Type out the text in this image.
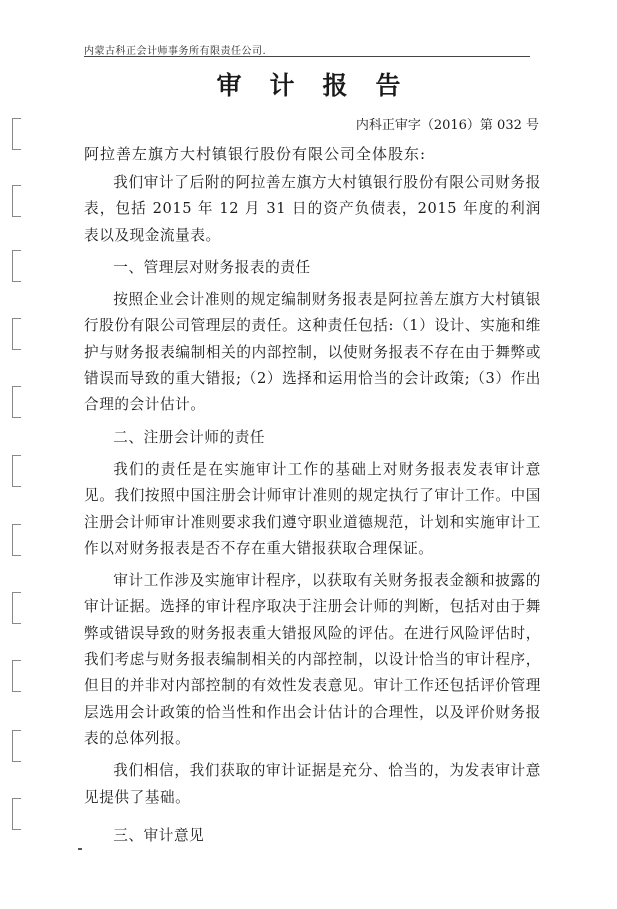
内蒙古科正会计师事务所有限责任公司.
审计报告
内科正审字（2016）第 032 号
阿拉善左旗方大村镇银行股份有限公司全体股东:

我们审计了后附的阿拉善左旗方大村镇银行股份有限公司财务报表，包括 2015 年 12 月 31 日的资产负债表，2015 年度的利润表以及现金流量表。

一、管理层对财务报表的责任

按照企业会计准则的规定编制财务报表是阿拉善左旗方大村镇银行股份有限公司管理层的责任。这种责任包括:（1）设计、实施和维护与财务报表编制相关的内部控制，以使财务报表不存在由于舞弊或错误而导致的重大错报;（2）选择和运用恰当的会计政策;（3）作出合理的会计估计。

二、注册会计师的责任

我们的责任是在实施审计工作的基础上对财务报表发表审计意见。我们按照中国注册会计师审计准则的规定执行了审计工作。中国注册会计师审计准则要求我们遵守职业道德规范，计划和实施审计工作以对财务报表是否不存在重大错报获取合理保证。

审计工作涉及实施审计程序，以获取有关财务报表金额和披露的审计证据。选择的审计程序取决于注册会计师的判断，包括对由于舞弊或错误导致的财务报表重大错报风险的评估。在进行风险评估时，我们考虑与财务报表编制相关的内部控制，以设计恰当的审计程序，但目的并非对内部控制的有效性发表意见。审计工作还包括评价管理层选用会计政策的恰当性和作出会计估计的合理性，以及评价财务报表的总体列报。

我们相信，我们获取的审计证据是充分、恰当的，为发表审计意见提供了基础。

三、审计意见
